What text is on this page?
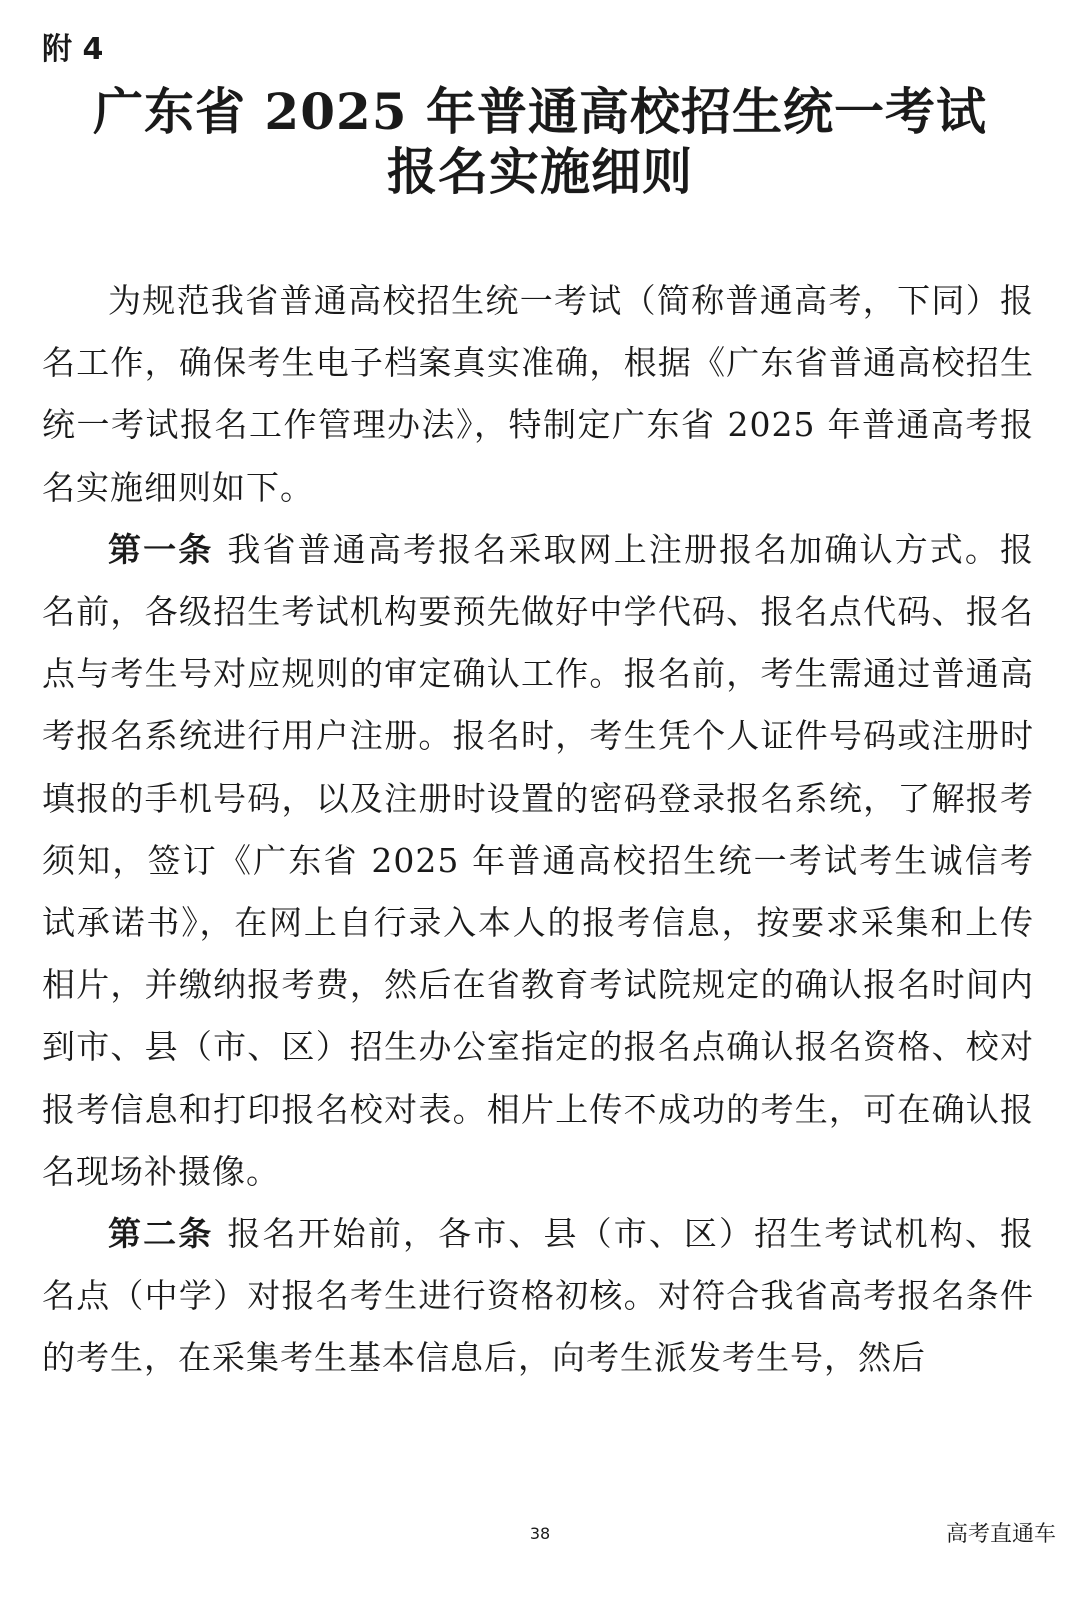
附 4
广东省 2025 年普通高校招生统一考试
报名实施细则

为规范我省普通高校招生统一考试（简称普通高考，下同）报名工作，确保考生电子档案真实准确，根据《广东省普通高校招生统一考试报名工作管理办法》，特制定广东省 2025 年普通高考报名实施细则如下。

第一条 我省普通高考报名采取网上注册报名加确认方式。报名前，各级招生考试机构要预先做好中学代码、报名点代码、报名点与考生号对应规则的审定确认工作。报名前，考生需通过普通高考报名系统进行用户注册。报名时，考生凭个人证件号码或注册时填报的手机号码，以及注册时设置的密码登录报名系统，了解报考须知，签订《广东省 2025 年普通高校招生统一考试考生诚信考试承诺书》，在网上自行录入本人的报考信息，按要求采集和上传相片，并缴纳报考费，然后在省教育考试院规定的确认报名时间内到市、县（市、区）招生办公室指定的报名点确认报名资格、校对报考信息和打印报名校对表。相片上传不成功的考生，可在确认报名现场补摄像。

第二条 报名开始前，各市、县（市、区）招生考试机构、报名点（中学）对报名考生进行资格初核。对符合我省高考报名条件的考生，在采集考生基本信息后，向考生派发考生号，然后

38	高考直通车
